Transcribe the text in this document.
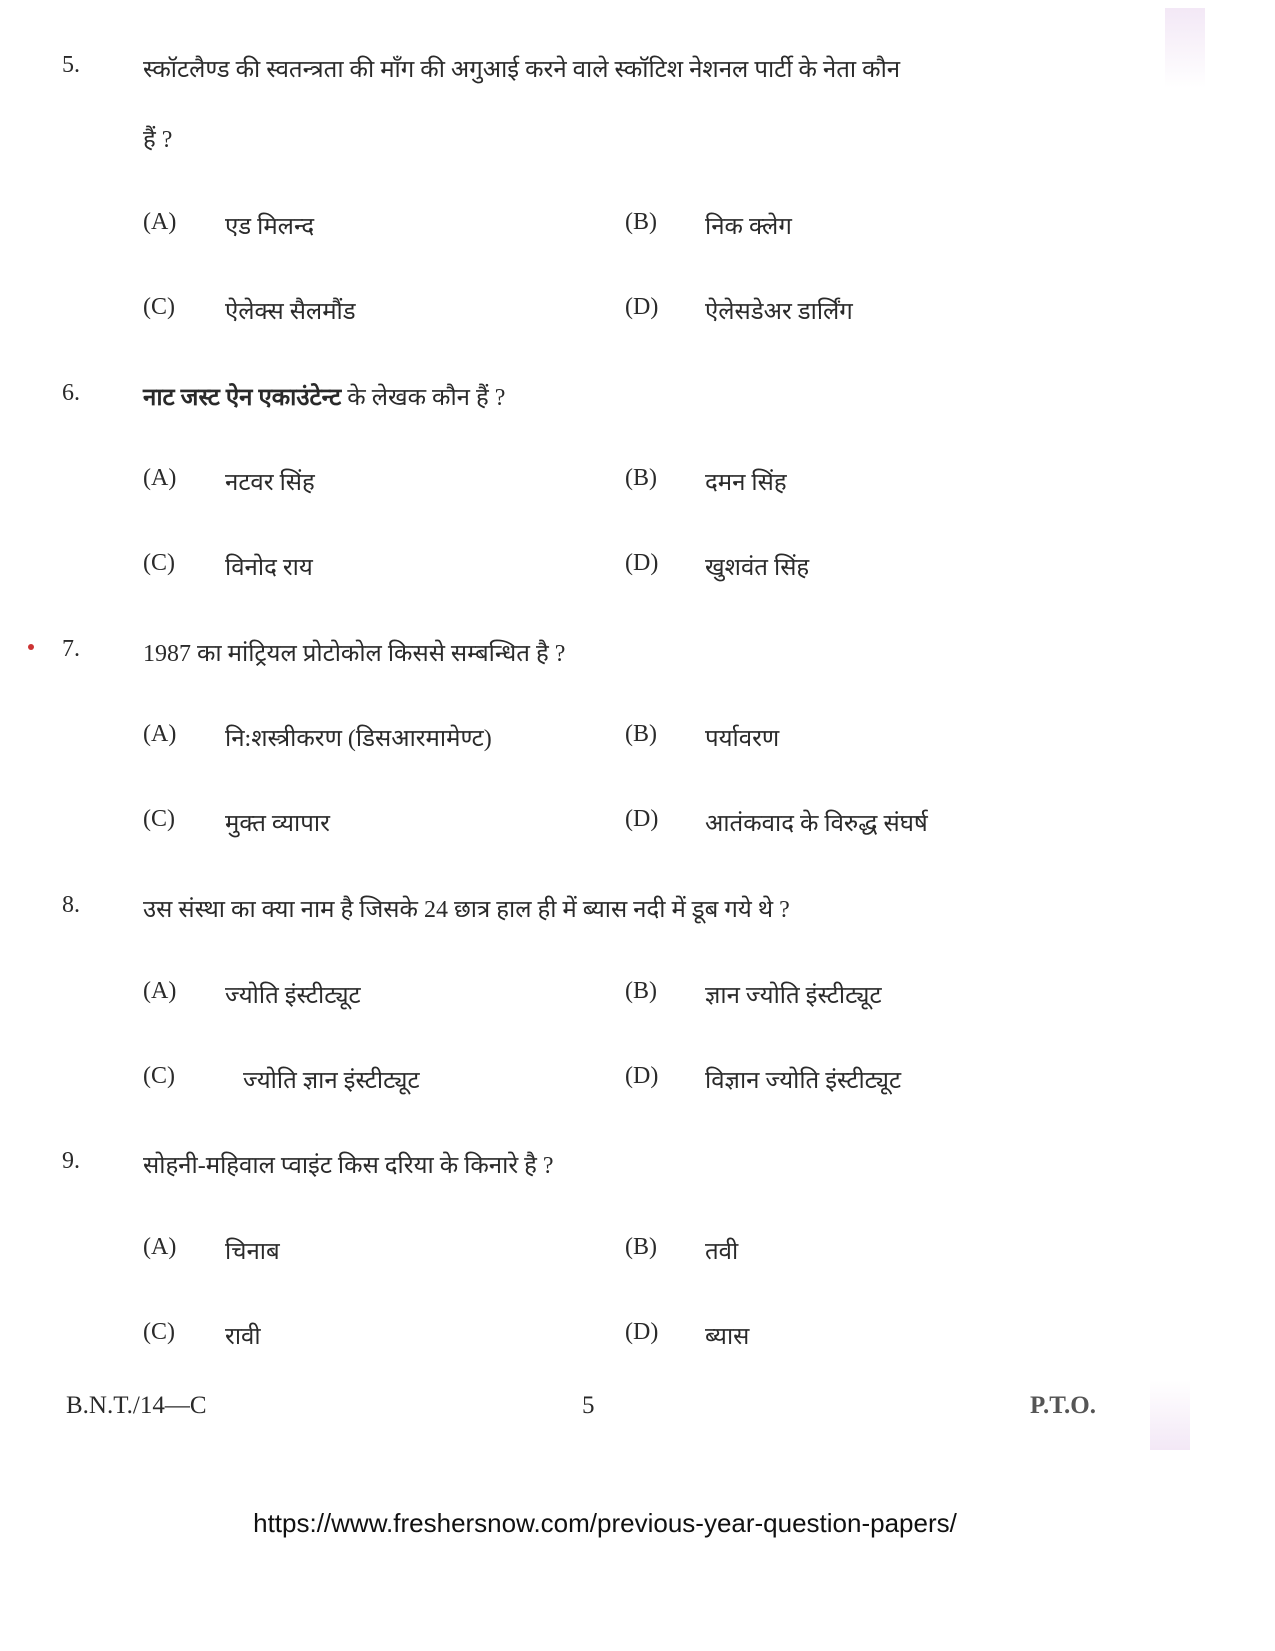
5.	स्कॉटलैण्ड की स्वतन्त्रता की माँग की अगुआई करने वाले स्कॉटिश नेशनल पार्टी के नेता कौन
हैं ?
(A) एड मिलन्द	(B) निक क्लेग
(C) ऐलेक्स सैलमौंड	(D) ऐलेसडेअर डार्लिंग
6.	नाट जस्ट ऐन एकाउंटेन्ट के लेखक कौन हैं ?
(A) नटवर सिंह	(B) दमन सिंह
(C) विनोद राय	(D) खुशवंत सिंह
7.	1987 का मांट्रियल प्रोटोकोल किससे सम्बन्धित है ?
(A) नि:शस्त्रीकरण (डिसआरमामेण्ट)	(B) पर्यावरण
(C) मुक्त व्यापार	(D) आतंकवाद के विरुद्ध संघर्ष
8.	उस संस्था का क्या नाम है जिसके 24 छात्र हाल ही में ब्यास नदी में डूब गये थे ?
(A) ज्योति इंस्टीट्यूट	(B) ज्ञान ज्योति इंस्टीट्यूट
(C)	ज्योति ज्ञान इंस्टीट्यूट	(D) विज्ञान ज्योति इंस्टीट्यूट
9.	सोहनी-महिवाल प्वाइंट किस दरिया के किनारे है ?
(A) चिनाब	(B) तवी
(C) रावी	(D) ब्यास
B.N.T./14—C	5	P.T.O.
https://www.freshersnow.com/previous-year-question-papers/
